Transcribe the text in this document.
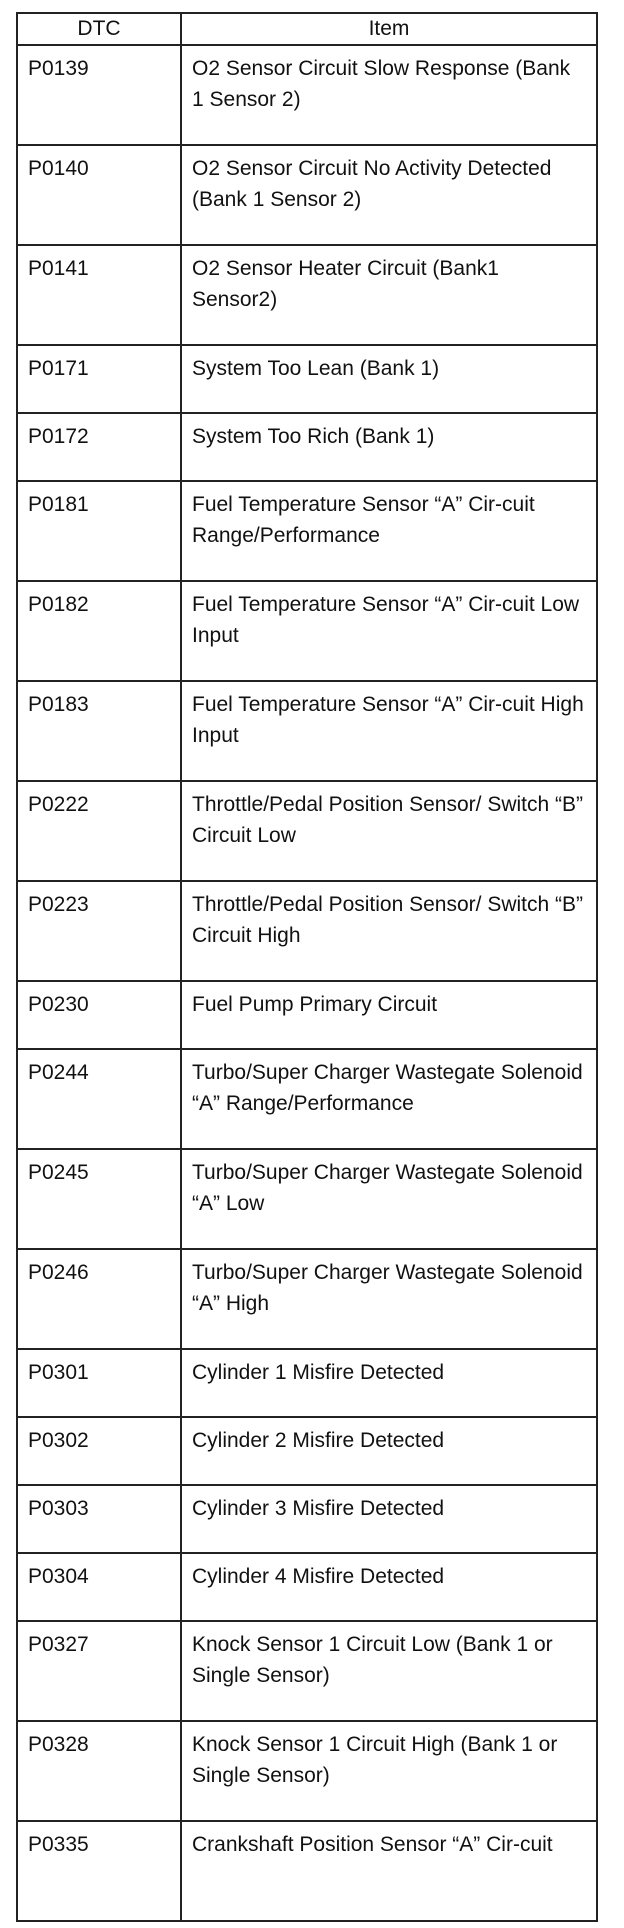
DTC	Item

P0139	O2 Sensor Circuit Slow Response (Bank 1 Sensor 2)

P0140	O2 Sensor Circuit No Activity Detected (Bank 1 Sensor 2)

P0141	O2 Sensor Heater Circuit (Bank1 Sensor2)

P0171	System Too Lean (Bank 1)

P0172	System Too Rich (Bank 1)

P0181	Fuel Temperature Sensor “A” Cir-cuit Range/Performance

P0182	Fuel Temperature Sensor “A” Cir-cuit Low Input

P0183	Fuel Temperature Sensor “A” Cir-cuit High Input

P0222	Throttle/Pedal Position Sensor/ Switch “B” Circuit Low

P0223	Throttle/Pedal Position Sensor/ Switch “B” Circuit High

P0230	Fuel Pump Primary Circuit

P0244	Turbo/Super Charger Wastegate Solenoid “A” Range/Performance

P0245	Turbo/Super Charger Wastegate Solenoid “A” Low

P0246	Turbo/Super Charger Wastegate Solenoid “A” High

P0301	Cylinder 1 Misfire Detected

P0302	Cylinder 2 Misfire Detected

P0303	Cylinder 3 Misfire Detected

P0304	Cylinder 4 Misfire Detected

P0327	Knock Sensor 1 Circuit Low (Bank 1 or Single Sensor)

P0328	Knock Sensor 1 Circuit High (Bank 1 or Single Sensor)

P0335	Crankshaft Position Sensor “A” Cir-cuit
